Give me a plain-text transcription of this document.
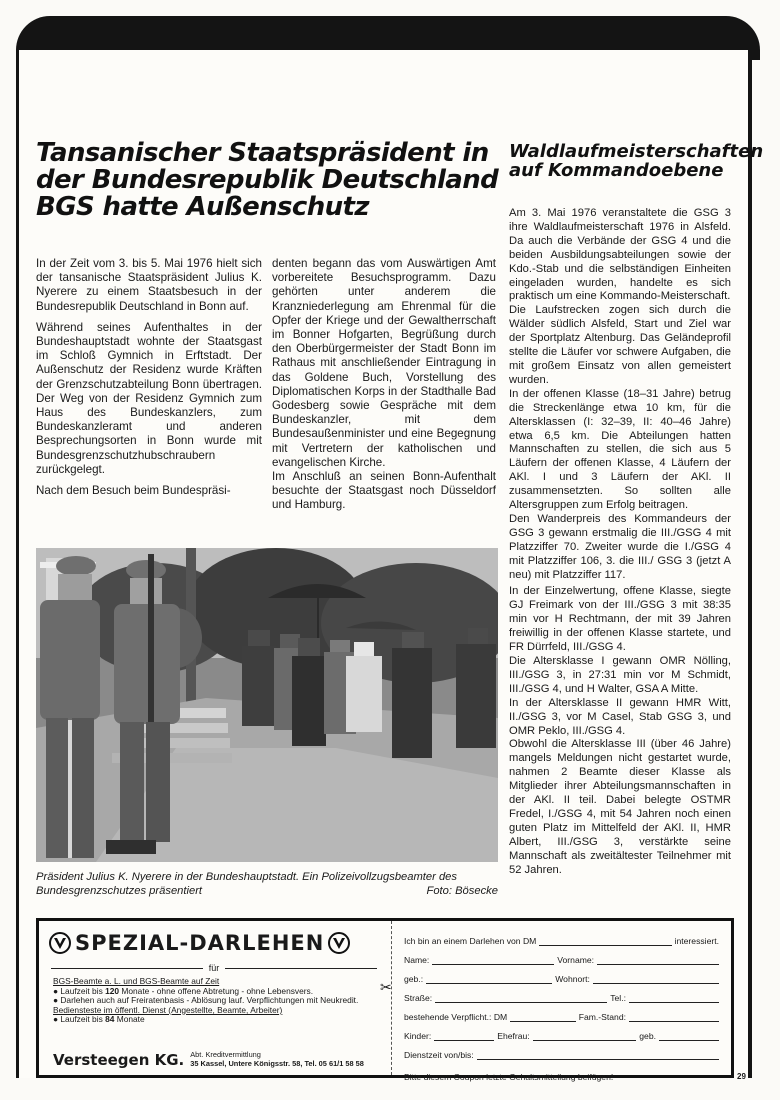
Tansanischer Staatspräsident in der Bundesrepublik Deutschland BGS hatte Außenschutz
Waldlaufmeisterschaften auf Kommandoebene

In der Zeit vom 3. bis 5. Mai 1976 hielt sich der tansanische Staatspräsident Julius K. Nyerere zu einem Staatsbesuch in der Bundesrepublik Deutschland in Bonn auf.

Während seines Aufenthaltes in der Bundeshauptstadt wohnte der Staatsgast im Schloß Gymnich in Erftstadt. Der Außenschutz der Residenz wurde Kräften der Grenzschutzabteilung Bonn übertragen. Der Weg von der Residenz Gymnich zum Haus des Bundeskanzlers, zum Bundeskanzleramt und anderen Besprechungsorten in Bonn wurde mit Bundesgrenzschutzhubschraubern zurückgelegt.

Nach dem Besuch beim Bundespräsi-

denten begann das vom Auswärtigen Amt vorbereitete Besuchsprogramm. Dazu gehörten unter anderem die Kranzniederlegung am Ehrenmal für die Opfer der Kriege und der Gewaltherrschaft im Bonner Hofgarten, Begrüßung durch den Oberbürgermeister der Stadt Bonn im Rathaus mit anschließender Eintragung in das Goldene Buch, Vorstellung des Diplomatischen Korps in der Stadthalle Bad Godesberg sowie Gespräche mit dem Bundeskanzler, mit dem Bundesaußenminister und eine Begegnung mit Vertretern der katholischen und evangelischen Kirche.

Im Anschluß an seinen Bonn-Aufenthalt besuchte der Staatsgast noch Düsseldorf und Hamburg.

Am 3. Mai 1976 veranstaltete die GSG 3 ihre Waldlaufmeisterschaft 1976 in Alsfeld. Da auch die Verbände der GSG 4 und die beiden Ausbildungsabteilungen sowie der Kdo.-Stab und die selbständigen Einheiten eingeladen wurden, handelte es sich praktisch um eine Kommando-Meisterschaft.

Die Laufstrecken zogen sich durch die Wälder südlich Alsfeld, Start und Ziel war der Sportplatz Altenburg. Das Geländeprofil stellte die Läufer vor schwere Aufgaben, die mit großem Einsatz von allen gemeistert wurden.

In der offenen Klasse (18–31 Jahre) betrug die Streckenlänge etwa 10 km, für die Altersklassen (I: 32–39, II: 40–46 Jahre) etwa 6,5 km. Die Abteilungen hatten Mannschaften zu stellen, die sich aus 5 Läufern der offenen Klasse, 4 Läufern der AKl. I und 3 Läufern der AKl. II zusammensetzten. So sollten alle Altersgruppen zum Erfolg beitragen.

Den Wanderpreis des Kommandeurs der GSG 3 gewann erstmalig die III./GSG 4 mit Platzziffer 70. Zweiter wurde die I./GSG 4 mit Platzziffer 106, 3. die III./ GSG 3 (jetzt A neu) mit Platzziffer 117.

In der Einzelwertung, offene Klasse, siegte GJ Freimark von der III./GSG 3 mit 38:35 min vor H Rechtmann, der mit 39 Jahren freiwillig in der offenen Klasse startete, und FR Dürrfeld, III./GSG 4.

Die Altersklasse I gewann OMR Nölling, III./GSG 3, in 27:31 min vor M Schmidt, III./GSG 4, und H Walter, GSA A Mitte.

In der Altersklasse II gewann HMR Witt, II./GSG 3, vor M Casel, Stab GSG 3, und OMR Peklo, III./GSG 4.

Obwohl die Altersklasse III (über 46 Jahre) mangels Meldungen nicht gestartet wurde, nahmen 2 Beamte dieser Klasse als Mitglieder ihrer Abteilungsmannschaften in der AKl. II teil. Dabei belegte OSTMR Fredel, I./GSG 4, mit 54 Jahren noch einen guten Platz im Mittelfeld der AKl. II, HMR Albert, III./GSG 3, verstärkte seine Mannschaft als zweitältester Teilnehmer mit 52 Jahren.

Präsident Julius K. Nyerere in der Bundeshauptstadt. Ein Polizeivollzugsbeamter des Bundesgrenzschutzes präsentiert	Foto: Bösecke
SPEZIAL-DARLEHEN
für
BGS-Beamte a. L. und BGS-Beamte auf Zeit
● Laufzeit bis 120 Monate - ohne offene Abtretung - ohne Lebensvers.
● Darlehen auch auf Freiratenbasis - Ablösung lauf. Verpflichtungen mit Neukredit.
Bediensteste im öffentl. Dienst (Angestellte, Beamte, Arbeiter)
● Laufzeit bis 84 Monate
Versteegen KG. Abt. Kreditvermittlung
35 Kassel, Untere Königsstr. 58, Tel. 05 61/1 58 58
✂
Ich bin an einem Darlehen von DM	interessiert.
Name:	Vorname:
geb.:	Wohnort:
Straße:	Tel.:
bestehende Verpflicht.: DM	Fam.-Stand:
Kinder:	Ehefrau:	geb.
Dienstzeit von/bis:
Bitte diesem Coupon letzte Gehaltsmitteilung beifügen!	29
